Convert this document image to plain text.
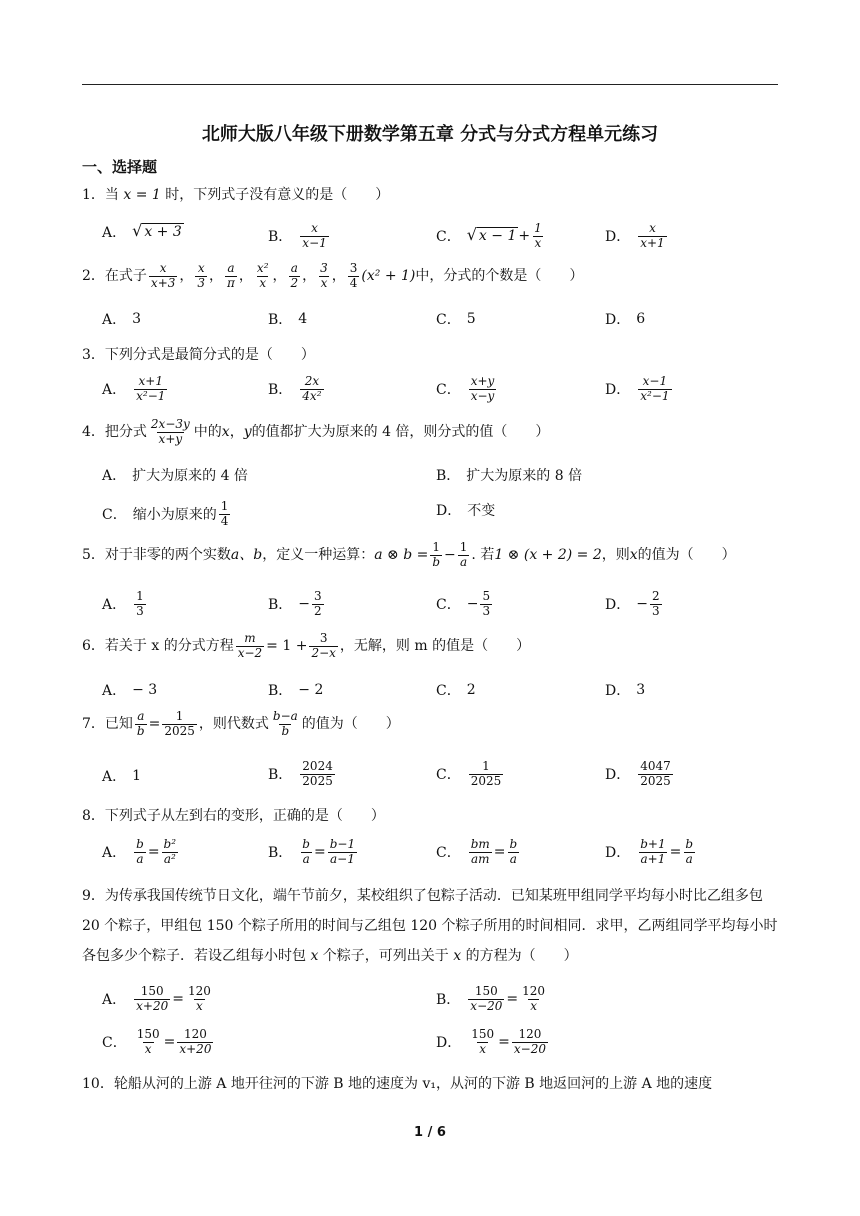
北师大版八年级下册数学第五章 分式与分式方程单元练习
一、选择题
1．当 x = 1 时，下列式子没有意义的是（　　）
A． √ x + 3	B． $\frac{x}{x-1}$	C． √ $x - 1 + \frac{1}{x}$	D． $\frac{x}{x+1}$
2．在式子 $\frac{x}{x+3}$ ， $\frac{x}{3}$ ， $\frac{a}{\pi}$ ， $\frac{\text{x²}}{x}$ ， $\frac{a}{2}$ ， $\frac{3}{x}$ ， $\frac{3}{4} (x^2 + 1)$ 中，分式的个数是（　　）
A． 3	B． 4	C． 5	D． 6
3．下列分式是最简分式的是（　　）
A． $\frac{x+1}{\text{x²−1}}$	B． $\frac{2x}{\text{4x²}}$	C． $\frac{x+y}{x-y}$	D． $\frac{x-1}{\text{x²−1}}$
4．把分式 $\frac{2x-3y}{x+y}$ 中的 x ， y 的值都扩大为原来的 4 倍，则分式的值（　　）
A． 扩大为原来的 4 倍	B． 扩大为原来的 8 倍
C． 缩小为原来的 $\frac{1}{4}$	D． 不变
5．对于非零的两个实数 a、b ，定义一种运算： a ⊗ $b = \frac{1}{b} - \frac{1}{a}$ . 若 1 ⊗ (x + 2) = 2 ，则 x 的值为（　　）
A． $\frac{1}{3}$	B． − $\frac{3}{2}$	C． − $\frac{5}{3}$	D． − $\frac{2}{3}$
6．若关于 x 的分式方程 $\frac{m}{x-2} = 1 + \frac{3}{2-x}$ ，无解，则 m 的值是（　　）
A． − 3	B． − 2	C． 2	D． 3
7．已知 $\frac{a}{b} = \frac{1}{2025}$ ，则代数式 $\frac{b-a}{b}$ 的值为（　　）
A． 1	B． $\frac{2024}{2025}$	C． $\frac{1}{2025}$	D． $\frac{4047}{2025}$
8．下列式子从左到右的变形，正确的是（　　）
A． $\frac{b}{a} = \frac{\text{b²}}{\text{a²}}$	B． $\frac{b}{a} = \frac{b-1}{a-1}$	C． $\frac{bm}{am} = \frac{b}{a}$	D． $\frac{b+1}{a+1} = \frac{b}{a}$
9．为传承我国传统节日文化，端午节前夕，某校组织了包粽子活动．已知某班甲组同学平均每小时比乙组多包 20 个粽子，甲组包 150 个粽子所用的时间与乙组包 120 个粽子所用的时间相同．求甲，乙两组同学平均每小时各包多少个粽子．若设乙组每小时包 x 个粽子，可列出关于 x 的方程为（　　）
A． $\frac{150}{x+20} = \frac{120}{x}$	B． $\frac{150}{x-20} = \frac{120}{x}$
C． $\frac{150}{x} = \frac{120}{x+20}$	D． $\frac{150}{x} = \frac{120}{x-20}$
10．轮船从河的上游 A 地开往河的下游 B 地的速度为 v₁，从河的下游 B 地返回河的上游 A 地的速度
1 / 6
